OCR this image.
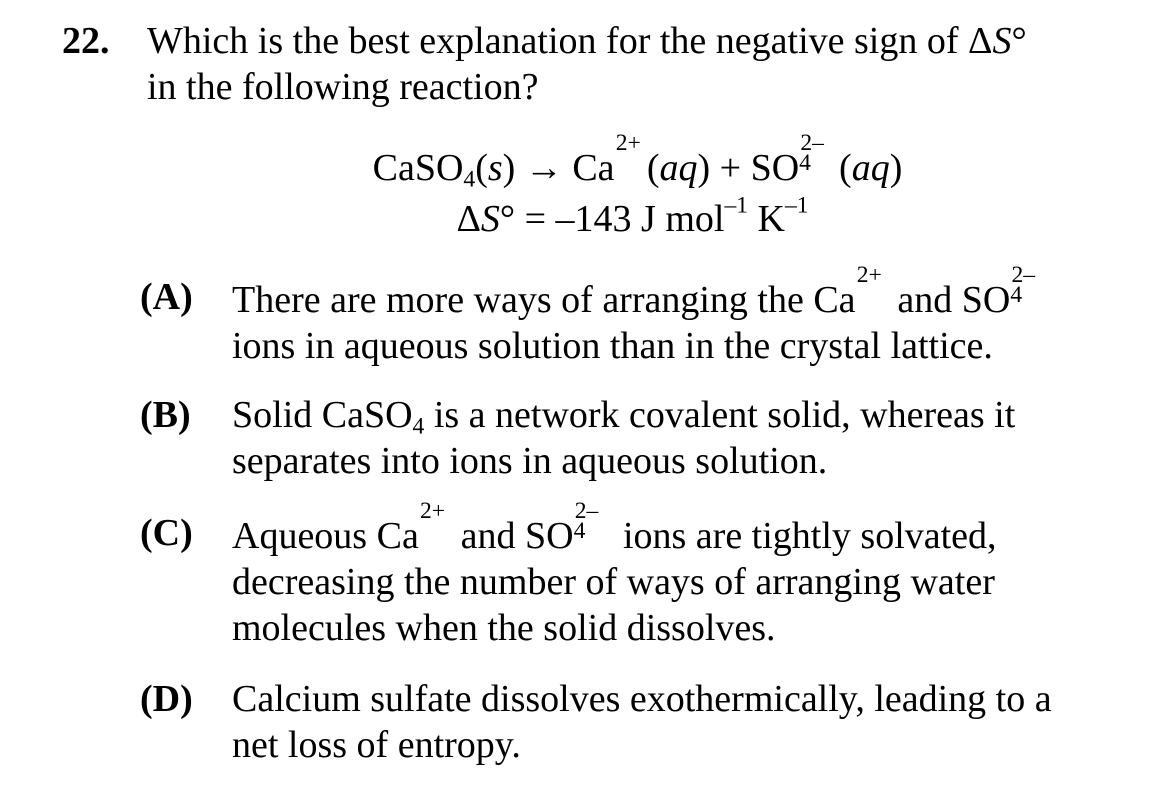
22. Which is the best explanation for the negative sign of ΔS°
in the following reaction?
CaSO$_4$(s) → Ca
2+
(aq) + SO
2–
4 (aq)
ΔS° = –143 J mol$^{-1}$ $K^{-1}$
(A) There are more ways of arranging the Ca
2+
and SO
2–
4
ions in aqueous solution than in the crystal lattice.
(B) Solid CaSO$_4$ is a network covalent solid, whereas it
separates into ions in aqueous solution.
(C) Aqueous Ca
2+
and SO
2–
4 ions are tightly solvated,
decreasing the number of ways of arranging water
molecules when the solid dissolves.
(D) Calcium sulfate dissolves exothermically, leading to a
net loss of entropy.
